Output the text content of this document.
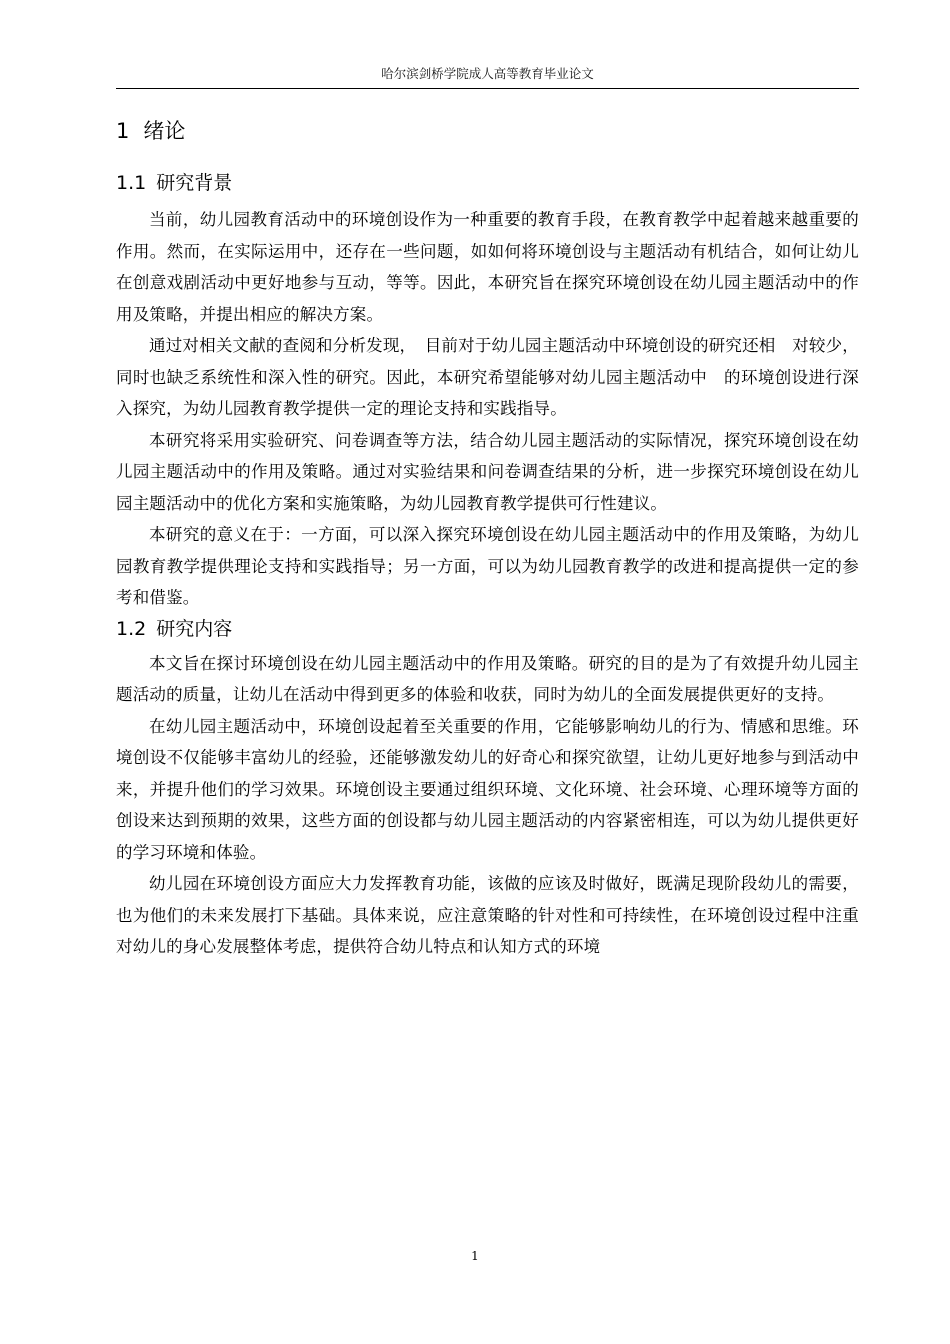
哈尔滨剑桥学院成人高等教育毕业论文
1 绪论
1.1 研究背景

当前，幼儿园教育活动中的环境创设作为一种重要的教育手段，在教育教学中起着越来越重要的作用。然而，在实际运用中，还存在一些问题，如如何将环境创设与主题活动有机结合，如何让幼儿在创意戏剧活动中更好地参与互动，等等。因此，本研究旨在探究环境创设在幼儿园主题活动中的作用及策略，并提出相应的解决方案。

通过对相关文献的查阅和分析发现，　目前对于幼儿园主题活动中环境创设的研究还相　对较少，同时也缺乏系统性和深入性的研究。因此，本研究希望能够对幼儿园主题活动中　的环境创设进行深入探究，为幼儿园教育教学提供一定的理论支持和实践指导。

本研究将采用实验研究、问卷调查等方法，结合幼儿园主题活动的实际情况，探究环境创设在幼儿园主题活动中的作用及策略。通过对实验结果和问卷调查结果的分析，进一步探究环境创设在幼儿园主题活动中的优化方案和实施策略，为幼儿园教育教学提供可行性建议。

本研究的意义在于：一方面，可以深入探究环境创设在幼儿园主题活动中的作用及策略，为幼儿园教育教学提供理论支持和实践指导；另一方面，可以为幼儿园教育教学的改进和提高提供一定的参考和借鉴。

1.2 研究内容

本文旨在探讨环境创设在幼儿园主题活动中的作用及策略。研究的目的是为了有效提升幼儿园主题活动的质量，让幼儿在活动中得到更多的体验和收获，同时为幼儿的全面发展提供更好的支持。

在幼儿园主题活动中，环境创设起着至关重要的作用，它能够影响幼儿的行为、情感和思维。环境创设不仅能够丰富幼儿的经验，还能够激发幼儿的好奇心和探究欲望，让幼儿更好地参与到活动中来，并提升他们的学习效果。环境创设主要通过组织环境、文化环境、社会环境、心理环境等方面的创设来达到预期的效果，这些方面的创设都与幼儿园主题活动的内容紧密相连，可以为幼儿提供更好的学习环境和体验。

幼儿园在环境创设方面应大力发挥教育功能，该做的应该及时做好，既满足现阶段幼儿的需要，也为他们的未来发展打下基础。具体来说，应注意策略的针对性和可持续性，在环境创设过程中注重对幼儿的身心发展整体考虑，提供符合幼儿特点和认知方式的环境

1
